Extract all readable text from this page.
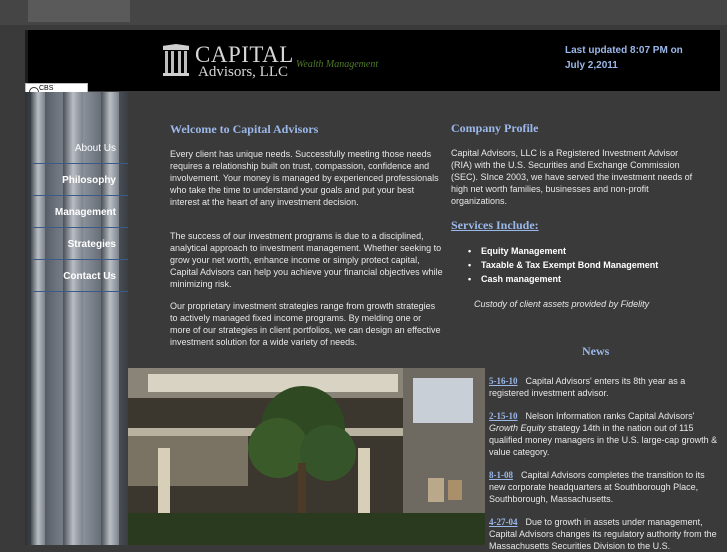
CAPITAL
Advisors, LLC Wealth Management
Last updated 8:07 PM on July 2,2011
CBS
About Us
Philosophy
Management
Strategies
Contact Us
Welcome to Capital Advisors
Every client has unique needs. Successfully meeting those needs requires a relationship built on trust, compassion, confidence and involvement. Your money is managed by experienced professionals who take the time to understand your goals and put your best interest at the heart of any investment decision.
The success of our investment programs is due to a disciplined, analytical approach to investment management. Whether seeking to grow your net worth, enhance income or simply protect capital, Capital Advisors can help you achieve your financial objectives while minimizing risk.
Our proprietary investment strategies range from growth strategies to actively managed fixed income programs. By melding one or more of our strategies in client portfolios, we can design an effective investment solution for a wide variety of needs.
Company Profile
Capital Advisors, LLC is a Registered Investment Advisor (RIA) with the U.S. Securities and Exchange Commission (SEC). SInce 2003, we have served the investment needs of high net worth families, businesses and non-profit organizations.
Services Include:
• Equity Management
• Taxable & Tax Exempt Bond Management
• Cash management
Custody of client assets provided by Fidelity
News
5-16-10 Capital Advisors' enters its 8th year as a registered investment advisor.
2-15-10 Nelson Information ranks Capital Advisors' Growth Equity strategy 14th in the nation out of 115 qualified money managers in the U.S. large-cap growth & value category.
8-1-08 Capital Advisors completes the transition to its new corporate headquarters at Southborough Place, Southborough, Massachusetts.
4-27-04 Due to growth in assets under management, Capital Advisors changes its regulatory authority from the Massachusetts Securities Division to the U.S.
